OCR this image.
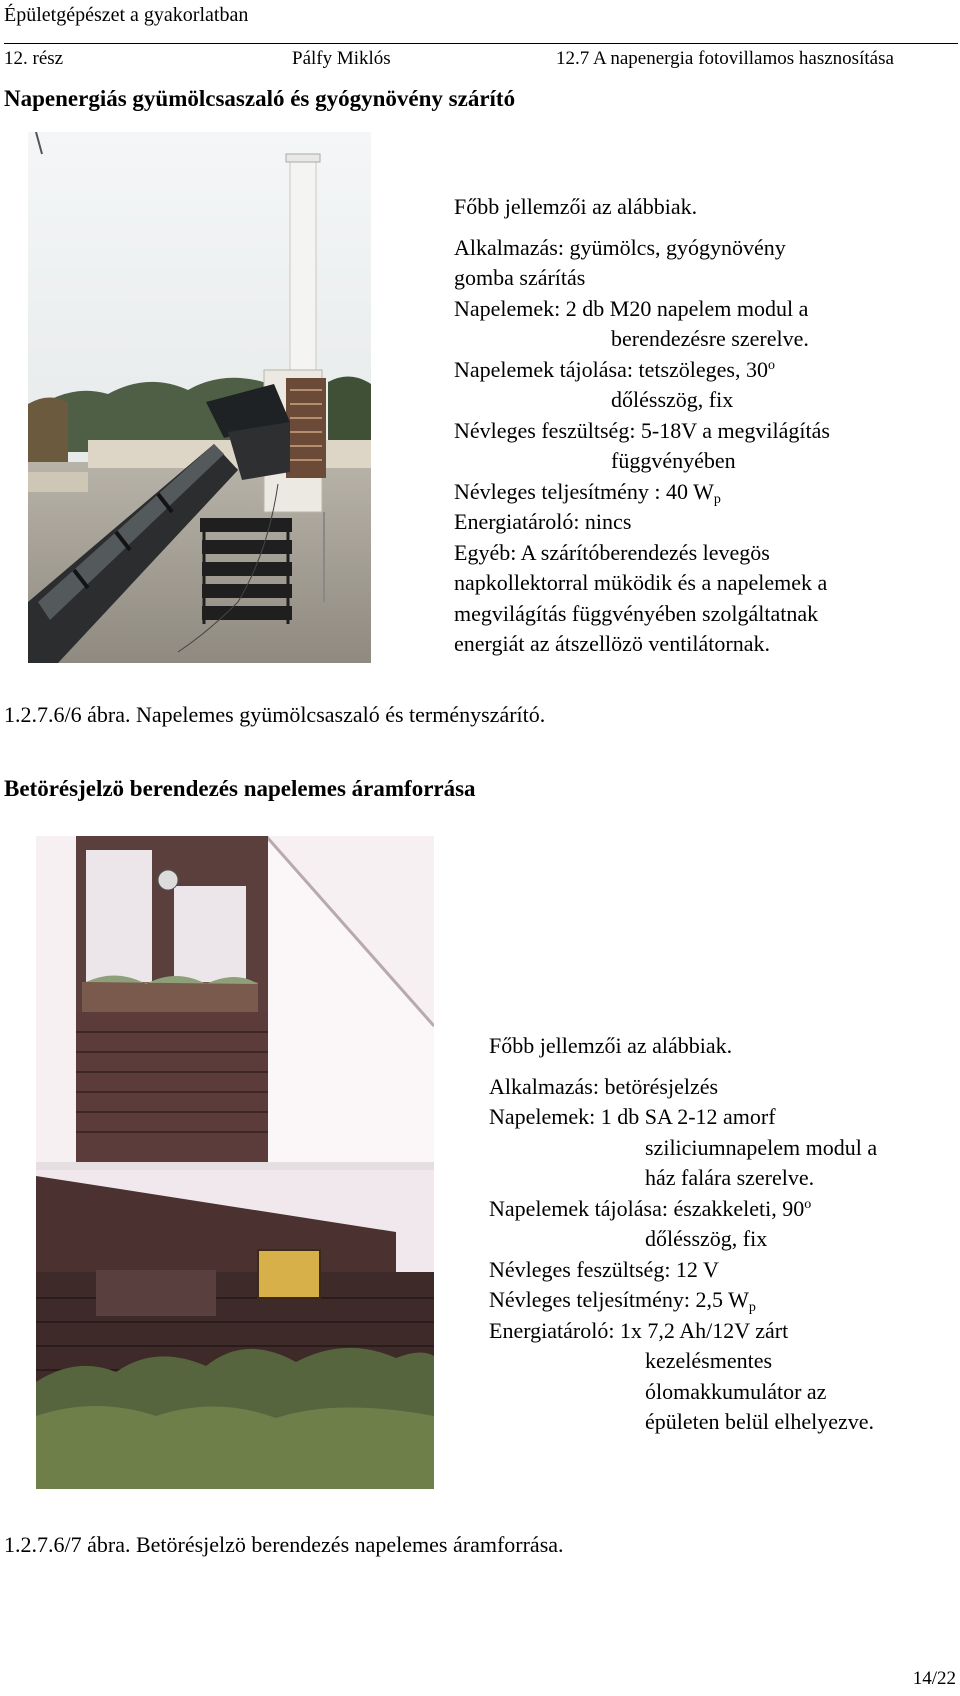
Épületgépészet a gyakorlatban
12. rész	Pálfy Miklós	12.7 A napenergia fotovillamos hasznosítása
Napenergiás gyümölcsaszaló és gyógynövény szárító
Főbb jellemzői az alábbiak.
Alkalmazás: gyümölcs, gyógynövény
gomba szárítás
Napelemek: 2 db M20 napelem modul a
berendezésre szerelve.
Napelemek tájolása: tetszöleges, 30$^o$
dőlésszög, fix
Névleges feszültség: 5-18V a megvilágítás
függvényében
Névleges teljesítmény : 40 $W_p$
Energiatároló: nincs
Egyéb: A szárítóberendezés levegös
napkollektorral müködik és a napelemek a
megvilágítás függvényében szolgáltatnak
energiát az átszellözö ventilátornak.
1.2.7.6/6 ábra. Napelemes gyümölcsaszaló és terményszárító.
Betörésjelzö berendezés napelemes áramforrása
Főbb jellemzői az alábbiak.
Alkalmazás: betörésjelzés
Napelemek: 1 db SA 2-12 amorf
sziliciumnapelem modul a
ház falára szerelve.
Napelemek tájolása: északkeleti, 90$^o$
dőlésszög, fix
Névleges feszültség: 12 V
Névleges teljesítmény: 2,5 $W_p$
Energiatároló: 1x 7,2 Ah/12V zárt
kezelésmentes
ólomakkumulátor az
épületen belül elhelyezve.
1.2.7.6/7 ábra. Betörésjelzö berendezés napelemes áramforrása.
14/22
